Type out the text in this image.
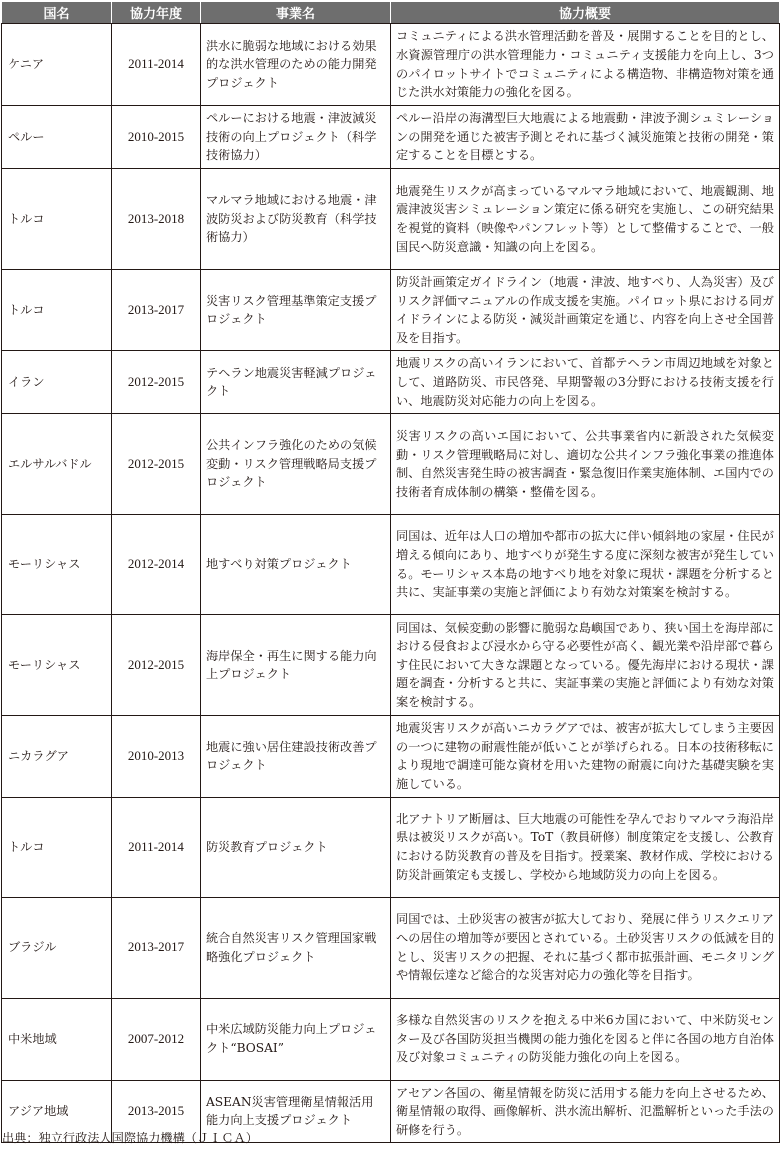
国名	協力年度	事業名	協力概要
ケニア	2011-2014	洪水に脆弱な地域における効果的な洪水管理のための能力開発プロジェクト	コミュニティによる洪水管理活動を普及・展開することを目的とし、水資源管理庁の洪水管理能力・コミュニティ支援能力を向上し、3つのパイロットサイトでコミュニティによる構造物、非構造物対策を通じた洪水対策能力の強化を図る。
ペルー	2010-2015	ペルーにおける地震・津波減災技術の向上プロジェクト（科学技術協力）	ペルー沿岸の海溝型巨大地震による地震動・津波予測シュミレーションの開発を通じた被害予測とそれに基づく減災施策と技術の開発・策定することを目標とする。
トルコ	2013-2018	マルマラ地域における地震・津波防災および防災教育（科学技術協力）	地震発生リスクが高まっているマルマラ地域において、地震観測、地震津波災害シミュレーション策定に係る研究を実施し、この研究結果を視覚的資料（映像やパンフレット等）として整備することで、一般国民へ防災意識・知識の向上を図る。
トルコ	2013-2017	災害リスク管理基準策定支援プロジェクト	防災計画策定ガイドライン（地震・津波、地すべり、人為災害）及びリスク評価マニュアルの作成支援を実施。パイロット県における同ガイドラインによる防災・減災計画策定を通じ、内容を向上させ全国普及を目指す。
イラン	2012-2015	テヘラン地震災害軽減プロジェクト	地震リスクの高いイランにおいて、首都テヘラン市周辺地域を対象として、道路防災、市民啓発、早期警報の3分野における技術支援を行い、地震防災対応能力の向上を図る。
エルサルバドル	2012-2015	公共インフラ強化のための気候変動・リスク管理戦略局支援プロジェクト	災害リスクの高いエ国において、公共事業省内に新設された気候変動・リスク管理戦略局に対し、適切な公共インフラ強化事業の推進体制、自然災害発生時の被害調査・緊急復旧作業実施体制、エ国内での技術者育成体制の構築・整備を図る。
モーリシャス	2012-2014	地すべり対策プロジェクト	同国は、近年は人口の増加や都市の拡大に伴い傾斜地の家屋・住民が増える傾向にあり、地すべりが発生する度に深刻な被害が発生している。モーリシャス本島の地すべり地を対象に現状・課題を分析すると共に、実証事業の実施と評価により有効な対策案を検討する。
モーリシャス	2012-2015	海岸保全・再生に関する能力向上プロジェクト	同国は、気候変動の影響に脆弱な島嶼国であり、狭い国土を海岸部における侵食および浸水から守る必要性が高く、観光業や沿岸部で暮らす住民において大きな課題となっている。優先海岸における現状・課題を調査・分析すると共に、実証事業の実施と評価により有効な対策案を検討する。
ニカラグア	2010-2013	地震に強い居住建設技術改善プロジェクト	地震災害リスクが高いニカラグアでは、被害が拡大してしまう主要因の一つに建物の耐震性能が低いことが挙げられる。日本の技術移転により現地で調達可能な資材を用いた建物の耐震に向けた基礎実験を実施している。
トルコ	2011-2014	防災教育プロジェクト	北アナトリア断層は、巨大地震の可能性を孕んでおりマルマラ海沿岸県は被災リスクが高い。ToT（教員研修）制度策定を支援し、公教育における防災教育の普及を目指す。授業案、教材作成、学校における防災計画策定も支援し、学校から地域防災力の向上を図る。
ブラジル	2013-2017	統合自然災害リスク管理国家戦略強化プロジェクト	同国では、土砂災害の被害が拡大しており、発展に伴うリスクエリアへの居住の増加等が要因とされている。土砂災害リスクの低減を目的とし、災害リスクの把握、それに基づく都市拡張計画、モニタリングや情報伝達など総合的な災害対応力の強化等を目指す。
中米地域	2007-2012	中米広域防災能力向上プロジェクト“BOSAI”	多様な自然災害のリスクを抱える中米6カ国において、中米防災センター及び各国防災担当機関の能力強化を図ると伴に各国の地方自治体及び対象コミュニティの防災能力強化の向上を図る。
アジア地域	2013-2015	ASEAN災害管理衛星情報活用能力向上支援プロジェクト	アセアン各国の、衛星情報を防災に活用する能力を向上させるため、衛星情報の取得、画像解析、洪水流出解析、氾濫解析といった手法の研修を行う。
出典：独立行政法人国際協力機構（ＪＩＣＡ）
